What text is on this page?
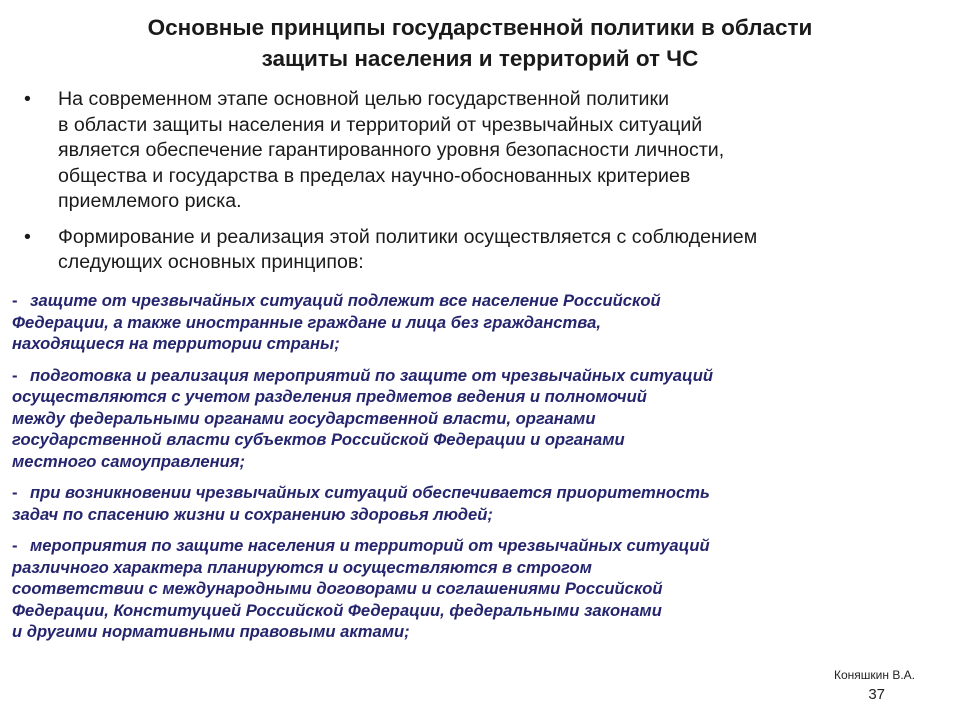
Основные принципы государственной политики в области
защиты населения и территорий от ЧС
•	На современном этапе основной целью государственной политики
в области защиты населения и территорий от чрезвычайных ситуаций
является обеспечение гарантированного уровня безопасности личности,
общества и государства в пределах научно-обоснованных критериев
приемлемого риска.
•	Формирование и реализация этой политики осуществляется с соблюдением
следующих основных принципов:
- защите от чрезвычайных ситуаций подлежит все население Российской
Федерации, а также иностранные граждане и лица без гражданства,
находящиеся на территории страны;
- подготовка и реализация мероприятий по защите от чрезвычайных ситуаций
осуществляются с учетом разделения предметов ведения и полномочий
между федеральными органами государственной власти, органами
государственной власти субъектов Российской Федерации и органами
местного самоуправления;
- при возникновении чрезвычайных ситуаций обеспечивается приоритетность
задач по спасению жизни и сохранению здоровья людей;
- мероприятия по защите населения и территорий от чрезвычайных ситуаций
различного характера планируются и осуществляются в строгом
соответствии с международными договорами и соглашениями Российской
Федерации, Конституцией Российской Федерации, федеральными законами
и другими нормативными правовыми актами;
Коняшкин В.А.
37
